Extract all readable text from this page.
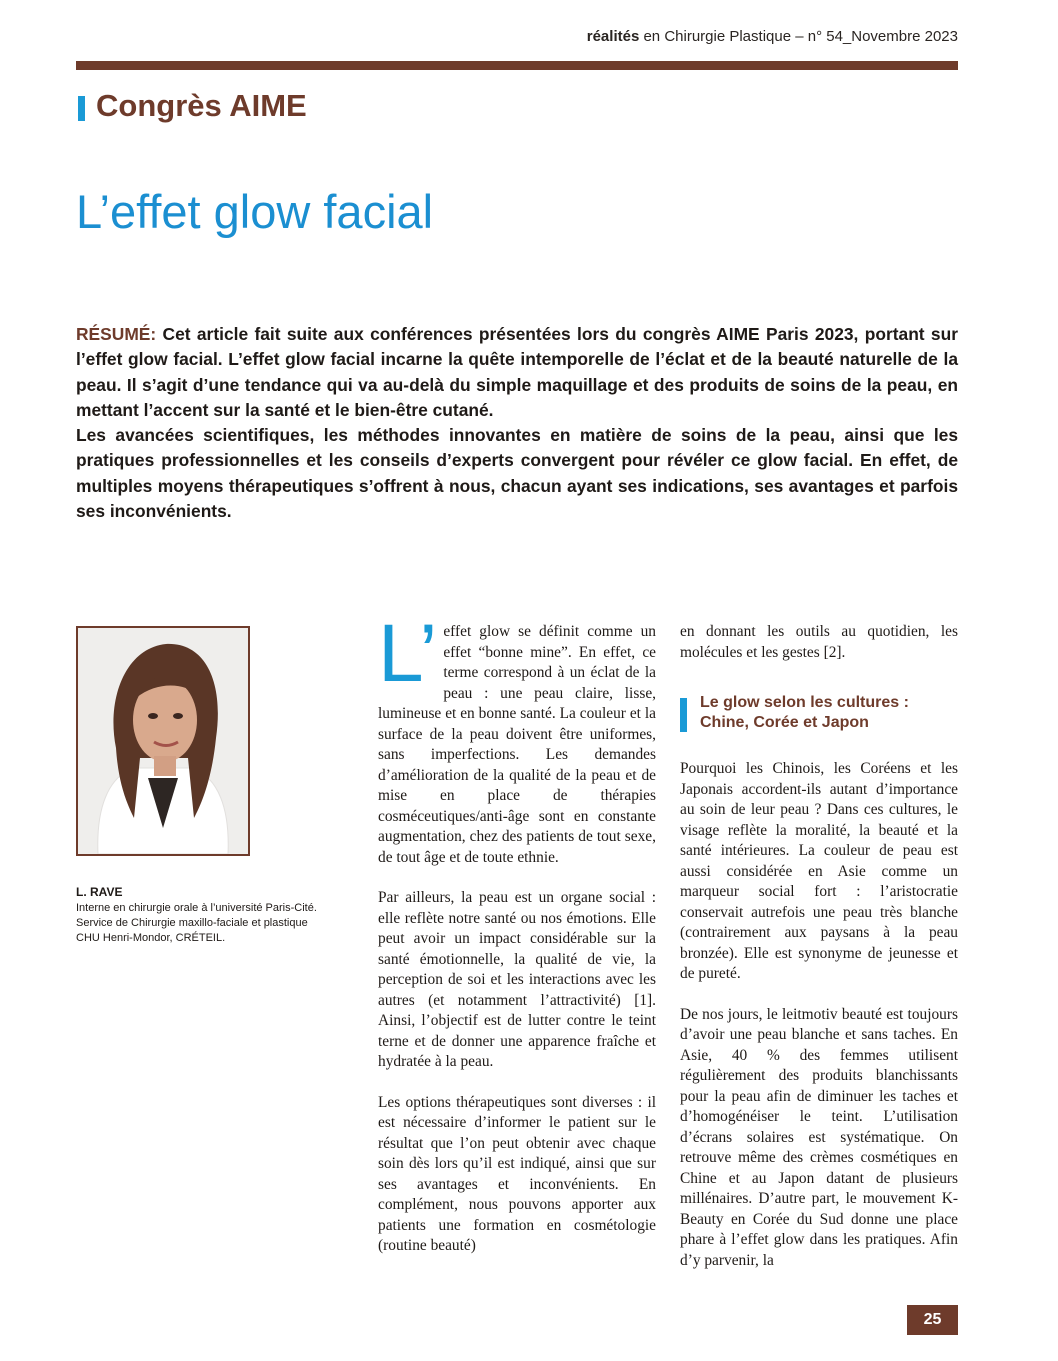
réalités en Chirurgie Plastique – n° 54_Novembre 2023
Congrès AIME
L’effet glow facial

RÉSUMÉ: Cet article fait suite aux conférences présentées lors du congrès AIME Paris 2023, portant sur l’effet glow facial. L’effet glow facial incarne la quête intemporelle de l’éclat et de la beauté naturelle de la peau. Il s’agit d’une tendance qui va au-delà du simple maquillage et des produits de soins de la peau, en mettant l’accent sur la santé et le bien-être cutané.

Les avancées scientifiques, les méthodes innovantes en matière de soins de la peau, ainsi que les pratiques professionnelles et les conseils d’experts convergent pour révéler ce glow facial. En effet, de multiples moyens thérapeutiques s’offrent à nous, chacun ayant ses indications, ses avantages et parfois ses inconvénients.

L. RAVE
Interne en chirurgie orale à l’université Paris-Cité.
Service de Chirurgie maxillo-faciale et plastique
CHU Henri-Mondor, CRÉTEIL.

L’ effet glow se définit comme un effet “bonne mine”. En effet, ce terme correspond à un éclat de la peau : une peau claire, lisse, lumineuse et en bonne santé. La couleur et la surface de la peau doivent être uniformes, sans imperfections. Les demandes d’amélioration de la qualité de la peau et de mise en place de thérapies cosméceutiques/anti-âge sont en constante augmentation, chez des patients de tout sexe, de tout âge et de toute ethnie.

Par ailleurs, la peau est un organe social : elle reflète notre santé ou nos émotions. Elle peut avoir un impact considérable sur la santé émotionnelle, la qualité de vie, la perception de soi et les interactions avec les autres (et notamment l’attractivité) [1]. Ainsi, l’objectif est de lutter contre le teint terne et de donner une apparence fraîche et hydratée à la peau.

Les options thérapeutiques sont diverses : il est nécessaire d’informer le patient sur le résultat que l’on peut obtenir avec chaque soin dès lors qu’il est indiqué, ainsi que sur ses avantages et inconvénients. En complément, nous pouvons apporter aux patients une formation en cosmétologie (routine beauté)

en donnant les outils au quotidien, les molécules et les gestes [2].

Le glow selon les cultures :
Chine, Corée et Japon

Pourquoi les Chinois, les Coréens et les Japonais accordent-ils autant d’importance au soin de leur peau ? Dans ces cultures, le visage reflète la moralité, la beauté et la santé intérieures. La couleur de peau est aussi considérée en Asie comme un marqueur social fort : l’aristocratie conservait autrefois une peau très blanche (contrairement aux paysans à la peau bronzée). Elle est synonyme de jeunesse et de pureté.

De nos jours, le leitmotiv beauté est toujours d’avoir une peau blanche et sans taches. En Asie, 40 % des femmes utilisent régulièrement des produits blanchissants pour la peau afin de diminuer les taches et d’homogénéiser le teint. L’utilisation d’écrans solaires est systématique. On retrouve même des crèmes cosmétiques en Chine et au Japon datant de plusieurs millénaires. D’autre part, le mouvement K-Beauty en Corée du Sud donne une place phare à l’effet glow dans les pratiques. Afin d’y parvenir, la

25
